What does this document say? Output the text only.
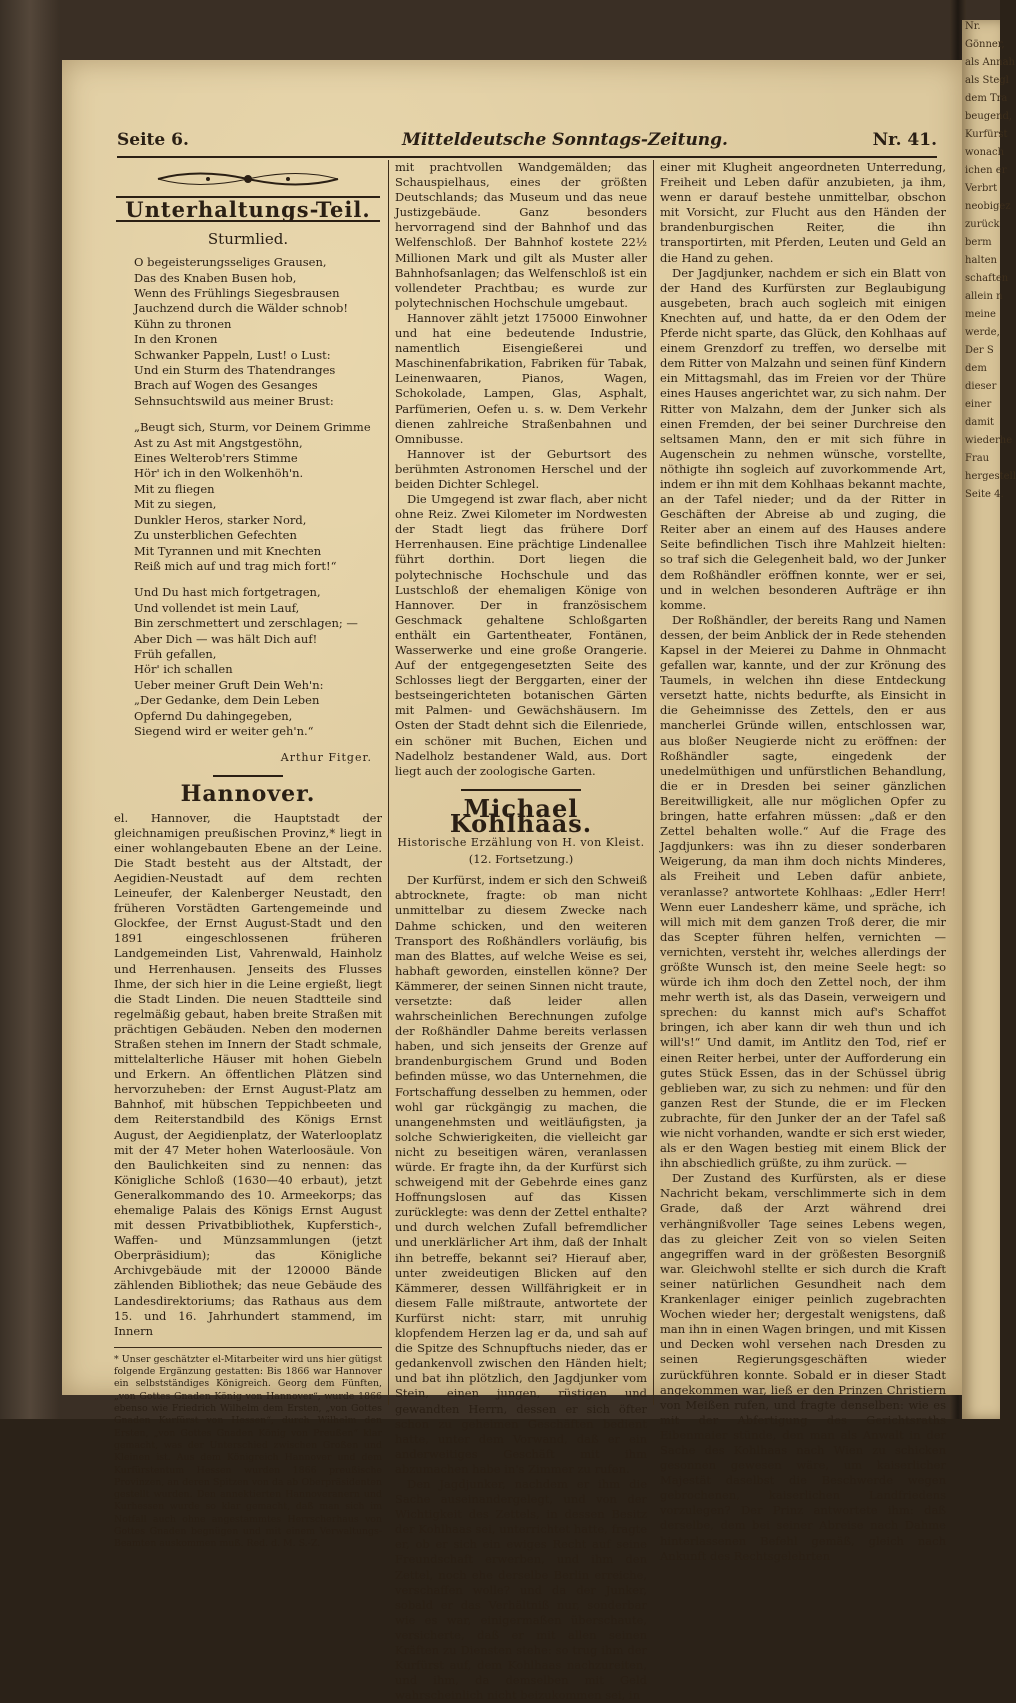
Nr.
Gönner,
als Annah
als Stegl
dem Tra
beugend,
Kurfürst
wonach
ichen er
Verbrt
neobigez
zurück
berm
halten
schaften
allein n
meine
werde,
Der S
dem
dieser
einer
damit
wiederhe
Frau
hergestell
Seite 4.
Seite 6.	Mitteldeutsche Sonntags-Zeitung.	Nr. 41.
Unterhaltungs-Teil.
Sturmlied.
O begeisterungsseliges Grausen,
Das des Knaben Busen hob,
Wenn des Frühlings Siegesbrausen
Jauchzend durch die Wälder schnob!
Kühn zu thronen
In den Kronen
Schwanker Pappeln, Lust! o Lust:
Und ein Sturm des Thatendranges
Brach auf Wogen des Gesanges
Sehnsuchtswild aus meiner Brust:
„Beugt sich, Sturm, vor Deinem Grimme
Ast zu Ast mit Angstgestöhn,
Eines Welterob'rers Stimme
Hör' ich in den Wolkenhöh'n.
Mit zu fliegen
Mit zu siegen,
Dunkler Heros, starker Nord,
Zu unsterblichen Gefechten
Mit Tyrannen und mit Knechten
Reiß mich auf und trag mich fort!“
Und Du hast mich fortgetragen,
Und vollendet ist mein Lauf,
Bin zerschmettert und zerschlagen; —
Aber Dich — was hält Dich auf!
Früh gefallen,
Hör' ich schallen
Ueber meiner Gruft Dein Weh'n:
„Der Gedanke, dem Dein Leben
Opfernd Du dahingegeben,
Siegend wird er weiter geh'n.“
Arthur Fitger.
Hannover.

el. Hannover, die Hauptstadt der gleichnamigen preußischen Provinz,* liegt in einer wohlangebauten Ebene an der Leine. Die Stadt besteht aus der Altstadt, der Aegidien-Neustadt auf dem rechten Leineufer, der Kalenberger Neustadt, den früheren Vorstädten Gartengemeinde und Glockfee, der Ernst August-Stadt und den 1891 eingeschlossenen früheren Landgemeinden List, Vahrenwald, Hainholz und Herrenhausen. Jenseits des Flusses Ihme, der sich hier in die Leine ergießt, liegt die Stadt Linden. Die neuen Stadtteile sind regelmäßig gebaut, haben breite Straßen mit prächtigen Gebäuden. Neben den modernen Straßen stehen im Innern der Stadt schmale, mittelalterliche Häuser mit hohen Giebeln und Erkern. An öffentlichen Plätzen sind hervorzuheben: der Ernst August-Platz am Bahnhof, mit hübschen Teppichbeeten und dem Reiterstandbild des Königs Ernst August, der Aegidienplatz, der Waterlooplatz mit der 47 Meter hohen Waterloosäule. Von den Baulichkeiten sind zu nennen: das Königliche Schloß (1630—40 erbaut), jetzt Generalkommando des 10. Armeekorps; das ehemalige Palais des Königs Ernst August mit dessen Privatbibliothek, Kupferstich-, Waffen- und Münzsammlungen (jetzt Oberpräsidium); das Königliche Archivgebäude mit der 120000 Bände zählenden Bibliothek; das neue Gebäude des Landesdirektoriums; das Rathaus aus dem 15. und 16. Jahrhundert stammend, im Innern

* Unser geschätzter el-Mitarbeiter wird uns hier gütigst folgende Ergänzung gestatten: Bis 1866 war Hannover ein selbstständiges Königreich. Georg dem Fünften, „von Gottes Gnaden König von Hannover“, wurde 1866 ebenso wie Friedrich Wilhelm dem Ersten, „von Gottes Gnaden Kurfürst von Hessen“, durch Wilhelm den Ersten, „von Gottes Gnaden König von Preußen“ klar gemacht, was der Unterschied zwischen Großen und Kleinen ist. Aus dem Königreich Hannover und dem Kurfürstentum Hessen wurden 1866 preußische Provinzen, an deren Spitzen von da ab Oberpräsidenten gestellt wurden. Den annektierten Hannoveranern und Kurhessen wurde so klar gemacht, daß man sich im Notfall auch ohne angestammtes Herrscherhaus von Gottes Gnaden begnügen und mit einem Verwaltungs-Beamten auskommen muß. Red. d. M. S.-Z.

mit prachtvollen Wandgemälden; das Schauspielhaus, eines der größten Deutschlands; das Museum und das neue Justizgebäude. Ganz besonders hervorragend sind der Bahnhof und das Welfenschloß. Der Bahnhof kostete 22½ Millionen Mark und gilt als Muster aller Bahnhofsanlagen; das Welfenschloß ist ein vollendeter Prachtbau; es wurde zur polytechnischen Hochschule umgebaut.

Hannover zählt jetzt 175000 Einwohner und hat eine bedeutende Industrie, namentlich Eisengießerei und Maschinenfabrikation, Fabriken für Tabak, Leinenwaaren, Pianos, Wagen, Schokolade, Lampen, Glas, Asphalt, Parfümerien, Oefen u. s. w. Dem Verkehr dienen zahlreiche Straßenbahnen und Omnibusse.

Hannover ist der Geburtsort des berühmten Astronomen Herschel und der beiden Dichter Schlegel.

Die Umgegend ist zwar flach, aber nicht ohne Reiz. Zwei Kilometer im Nordwesten der Stadt liegt das frühere Dorf Herrenhausen. Eine prächtige Lindenallee führt dorthin. Dort liegen die polytechnische Hochschule und das Lustschloß der ehemaligen Könige von Hannover. Der in französischem Geschmack gehaltene Schloßgarten enthält ein Gartentheater, Fontänen, Wasserwerke und eine große Orangerie. Auf der entgegengesetzten Seite des Schlosses liegt der Berggarten, einer der bestseingerichteten botanischen Gärten mit Palmen- und Gewächshäusern. Im Osten der Stadt dehnt sich die Eilenriede, ein schöner mit Buchen, Eichen und Nadelholz bestandener Wald, aus. Dort liegt auch der zoologische Garten.

Michael Kohlhaas.
Historische Erzählung von H. von Kleist.
(12. Fortsetzung.)

Der Kurfürst, indem er sich den Schweiß abtrocknete, fragte: ob man nicht unmittelbar zu diesem Zwecke nach Dahme schicken, und den weiteren Transport des Roßhändlers vorläufig, bis man des Blattes, auf welche Weise es sei, habhaft geworden, einstellen könne? Der Kämmerer, der seinen Sinnen nicht traute, versetzte: daß leider allen wahrscheinlichen Berechnungen zufolge der Roßhändler Dahme bereits verlassen haben, und sich jenseits der Grenze auf brandenburgischem Grund und Boden befinden müsse, wo das Unternehmen, die Fortschaffung desselben zu hemmen, oder wohl gar rückgängig zu machen, die unangenehmsten und weitläufigsten, ja solche Schwierigkeiten, die vielleicht gar nicht zu beseitigen wären, veranlassen würde. Er fragte ihn, da der Kurfürst sich schweigend mit der Gebehrde eines ganz Hoffnungslosen auf das Kissen zurücklegte: was denn der Zettel enthalte? und durch welchen Zufall befremdlicher und unerklärlicher Art ihm, daß der Inhalt ihn betreffe, bekannt sei? Hierauf aber, unter zweideutigen Blicken auf den Kämmerer, dessen Willfährigkeit er in diesem Falle mißtraute, antwortete der Kurfürst nicht: starr, mit unruhig klopfendem Herzen lag er da, und sah auf die Spitze des Schnupftuchs nieder, das er gedankenvoll zwischen den Händen hielt; und bat ihn plötzlich, den Jagdjunker vom Stein, einen jungen, rüstigen und gewandten Herrn, dessen er sich öfter schon zu geheimen Geschäften bedient hatte, unter dem Vorwand, daß er ein anderweitiges Geschäft mit ihm abzumachen habe in's Zimmer zu rufen.

Den Jagdjunker, nachdem er ihm die Sache auseinandergelegt, und von der Wichtigkeit des Zettels, in dessen Besitz der Kohlhaas sei, unterrichtet hatte, fragte er, ob er sich ein ewiges Recht auf seine Freundschaft erwerben, und ihm den Zettel, noch ehe derselbe Berlin erreiche, verschaffen wolle? und da der Junker, sobald er das Verhältniß nur, sonderbar wie es war, einigermaßen überschaute, versicherte, daß er mit allen seinen Kräften zu Diensten stehe: so trug ihm der Kurfürst auf, dem Kohlhaas nachzureiten, und ihm, da demselben mit Geld wahrscheinlich nicht beizukommen sei, in

einer mit Klugheit angeordneten Unterredung, Freiheit und Leben dafür anzubieten, ja ihm, wenn er darauf bestehe unmittelbar, obschon mit Vorsicht, zur Flucht aus den Händen der brandenburgischen Reiter, die ihn transportirten, mit Pferden, Leuten und Geld an die Hand zu gehen.

Der Jagdjunker, nachdem er sich ein Blatt von der Hand des Kurfürsten zur Beglaubigung ausgebeten, brach auch sogleich mit einigen Knechten auf, und hatte, da er den Odem der Pferde nicht sparte, das Glück, den Kohlhaas auf einem Grenzdorf zu treffen, wo derselbe mit dem Ritter von Malzahn und seinen fünf Kindern ein Mittagsmahl, das im Freien vor der Thüre eines Hauses angerichtet war, zu sich nahm. Der Ritter von Malzahn, dem der Junker sich als einen Fremden, der bei seiner Durchreise den seltsamen Mann, den er mit sich führe in Augenschein zu nehmen wünsche, vorstellte, nöthigte ihn sogleich auf zuvorkommende Art, indem er ihn mit dem Kohlhaas bekannt machte, an der Tafel nieder; und da der Ritter in Geschäften der Abreise ab und zuging, die Reiter aber an einem auf des Hauses andere Seite befindlichen Tisch ihre Mahlzeit hielten: so traf sich die Gelegenheit bald, wo der Junker dem Roßhändler eröffnen konnte, wer er sei, und in welchen besonderen Aufträge er ihn komme.

Der Roßhändler, der bereits Rang und Namen dessen, der beim Anblick der in Rede stehenden Kapsel in der Meierei zu Dahme in Ohnmacht gefallen war, kannte, und der zur Krönung des Taumels, in welchen ihn diese Entdeckung versetzt hatte, nichts bedurfte, als Einsicht in die Geheimnisse des Zettels, den er aus mancherlei Gründe willen, entschlossen war, aus bloßer Neugierde nicht zu eröffnen: der Roßhändler sagte, eingedenk der unedelmüthigen und unfürstlichen Behandlung, die er in Dresden bei seiner gänzlichen Bereitwilligkeit, alle nur möglichen Opfer zu bringen, hatte erfahren müssen: „daß er den Zettel behalten wolle.“ Auf die Frage des Jagdjunkers: was ihn zu dieser sonderbaren Weigerung, da man ihm doch nichts Minderes, als Freiheit und Leben dafür anbiete, veranlasse? antwortete Kohlhaas: „Edler Herr! Wenn euer Landesherr käme, und spräche, ich will mich mit dem ganzen Troß derer, die mir das Scepter führen helfen, vernichten — vernichten, versteht ihr, welches allerdings der größte Wunsch ist, den meine Seele hegt: so würde ich ihm doch den Zettel noch, der ihm mehr werth ist, als das Dasein, verweigern und sprechen: du kannst mich auf's Schaffot bringen, ich aber kann dir weh thun und ich will's!“ Und damit, im Antlitz den Tod, rief er einen Reiter herbei, unter der Aufforderung ein gutes Stück Essen, das in der Schüssel übrig geblieben war, zu sich zu nehmen: und für den ganzen Rest der Stunde, die er im Flecken zubrachte, für den Junker der an der Tafel saß wie nicht vorhanden, wandte er sich erst wieder, als er den Wagen bestieg mit einem Blick der ihn abschiedlich grüßte, zu ihm zurück. —

Der Zustand des Kurfürsten, als er diese Nachricht bekam, verschlimmerte sich in dem Grade, daß der Arzt während drei verhängnißvoller Tage seines Lebens wegen, das zu gleicher Zeit von so vielen Seiten angegriffen ward in der größesten Besorgniß war. Gleichwohl stellte er sich durch die Kraft seiner natürlichen Gesundheit nach dem Krankenlager einiger peinlich zugebrachten Wochen wieder her; dergestalt wenigstens, daß man ihn in einen Wagen bringen, und mit Kissen und Decken wohl versehen nach Dresden zu seinen Regierungsgeschäften wieder zurückführen konnte. Sobald er in dieser Stadt angekommen war, ließ er den Prinzen Christiern von Meißen rufen, und fragte denselben: wie es mit der Abfertigung des Gerichtsraths Eibenmaier stünde, den man als Anwalt in der Sache des Kohlhaas nach Wien zu schicken gesonnen gewesen wäre, um kaiserlicher Majestät daselbst die Beschwerde wegen gebrochenen, kaiserlichen Landfriedens vorzulegen? Der Prinz antwortete ihm: daß derselbe, dem bei seiner Abreise nach Dahme hinterlassenen Befehl gemäß, gleich nach Ankunft des Rechtsgelehrten
